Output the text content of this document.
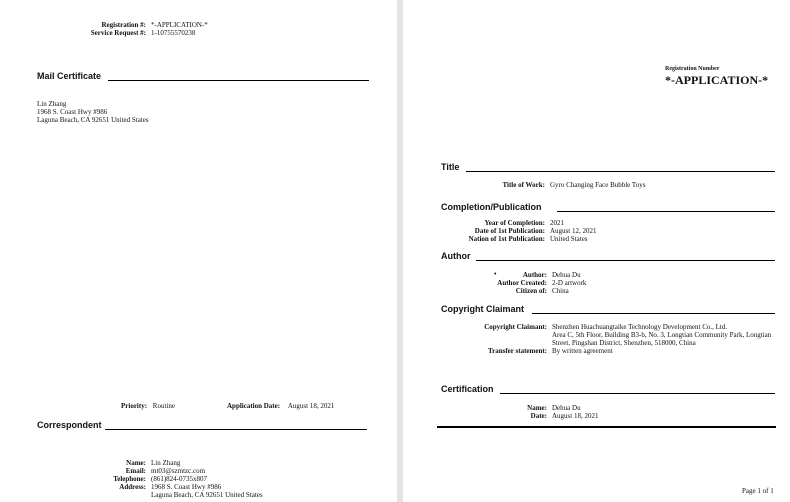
Registration #: *-APPLICATION-*
Service Request #: 1-10755570238
Mail Certificate
Lin Zhang
1968 S. Coast Hwy #986
Laguna Beach, CA 92651 United States
Priority: Routine	Application Date: August 18, 2021
Correspondent
Name: Lin Zhang
Email: mt03@szmtzc.com
Telephone: (861)824-0735x807
Address: 1968 S. Coast Hwy #986
Laguna Beach, CA 92651 United States
Registration Number
*-APPLICATION-*
Title
Title of Work: Gyro Changing Face Bubble Toys
Completion/Publication
Year of Completion: 2021
Date of 1st Publication: August 12, 2021
Nation of 1st Publication: United States
Author
•	Author: Dehua Du
Author Created: 2-D artwork
Citizen of: China
Copyright Claimant
Copyright Claimant: Shenzhen Huachuangtaike Technology Development Co., Ltd.
Area C, 5th Floor, Building B3-b, No. 3, Longtian Community Park, Longtian
Street, Pingshan District, Shenzhen, 518000, China
Transfer statement: By written agreement
Certification
Name: Dehua Du
Date: August 18, 2021
Page 1 of 1
